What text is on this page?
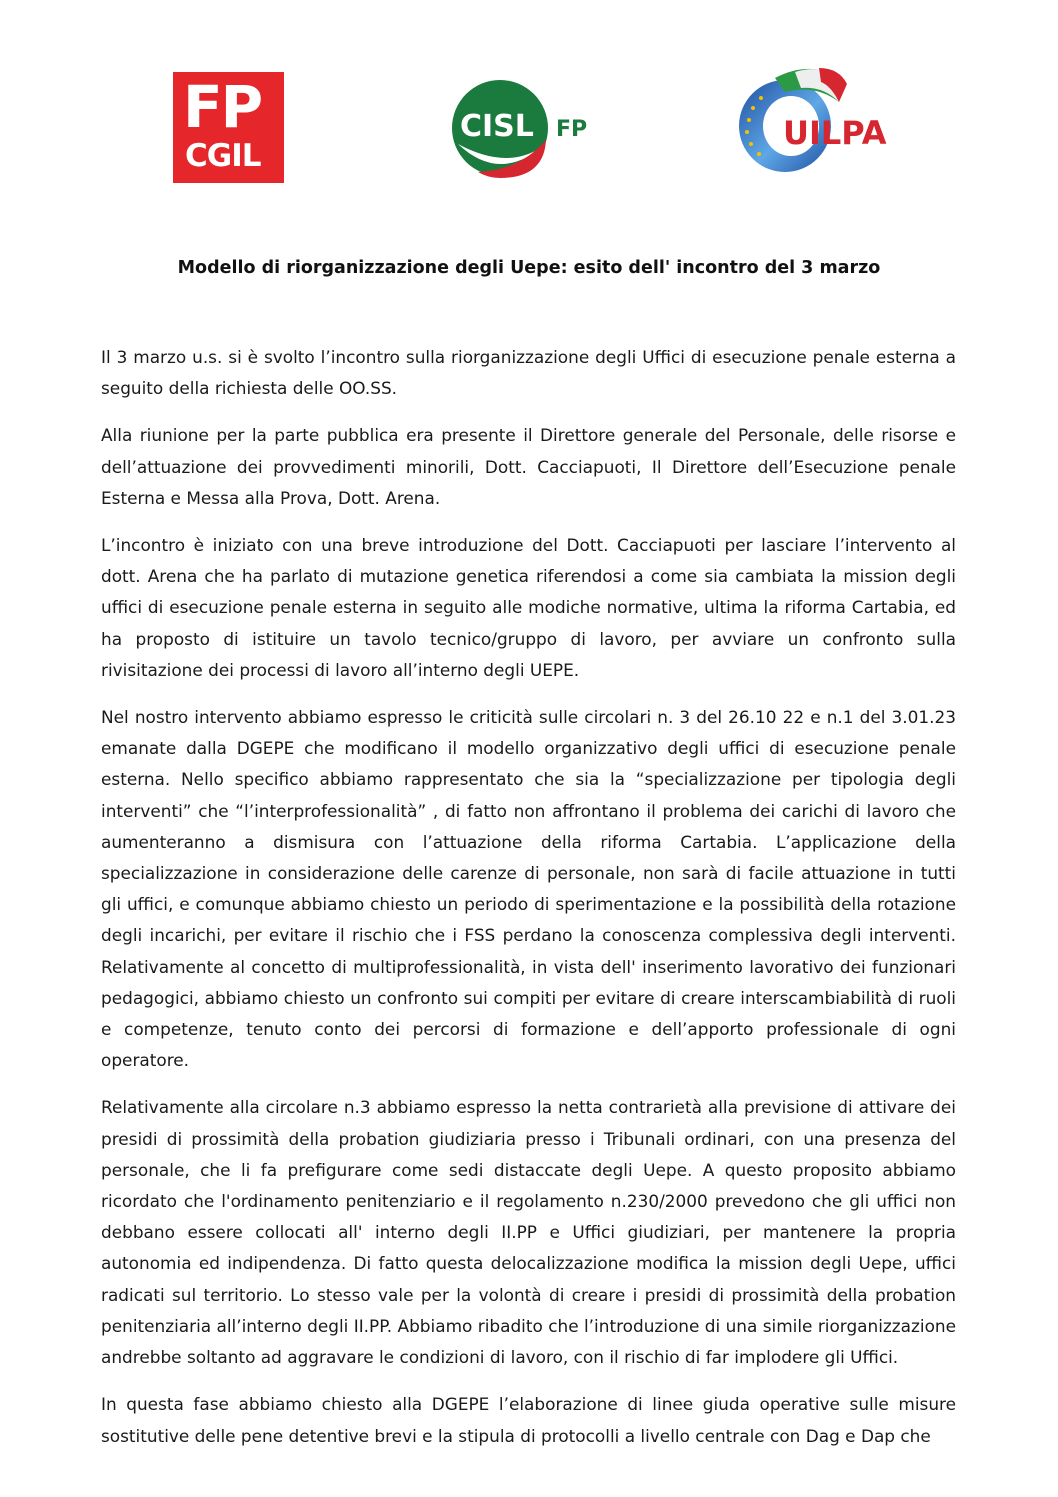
FP
CGIL
CISL FP	UILPA
Modello di riorganizzazione degli Uepe: esito dell' incontro del 3 marzo

Il 3 marzo u.s. si è svolto l’incontro sulla riorganizzazione degli Uffici di esecuzione penale esterna a seguito della richiesta delle OO.SS.

Alla riunione per la parte pubblica era presente il Direttore generale del Personale, delle risorse e dell’attuazione dei provvedimenti minorili, Dott. Cacciapuoti, Il Direttore dell’Esecuzione penale Esterna e Messa alla Prova, Dott. Arena.

L’incontro è iniziato con una breve introduzione del Dott. Cacciapuoti per lasciare l’intervento al dott. Arena che ha parlato di mutazione genetica riferendosi a come sia cambiata la mission degli uffici di esecuzione penale esterna in seguito alle modiche normative, ultima la riforma Cartabia, ed ha proposto di istituire un tavolo tecnico/gruppo di lavoro, per avviare un confronto sulla rivisitazione dei processi di lavoro all’interno degli UEPE.

Nel nostro intervento abbiamo espresso le criticità sulle circolari n. 3 del 26.10 22 e n.1 del 3.01.23 emanate dalla DGEPE che modificano il modello organizzativo degli uffici di esecuzione penale esterna. Nello specifico abbiamo rappresentato che sia la “specializzazione per tipologia degli interventi” che “l’interprofessionalità” , di fatto non affrontano il problema dei carichi di lavoro che aumenteranno a dismisura con l’attuazione della riforma Cartabia. L’applicazione della specializzazione in considerazione delle carenze di personale, non sarà di facile attuazione in tutti gli uffici, e comunque abbiamo chiesto un periodo di sperimentazione e la possibilità della rotazione degli incarichi, per evitare il rischio che i FSS perdano la conoscenza complessiva degli interventi. Relativamente al concetto di multiprofessionalità, in vista dell' inserimento lavorativo dei funzionari pedagogici, abbiamo chiesto un confronto sui compiti per evitare di creare interscambiabilità di ruoli e competenze, tenuto conto dei percorsi di formazione e dell’apporto professionale di ogni operatore.

Relativamente alla circolare n.3 abbiamo espresso la netta contrarietà alla previsione di attivare dei presidi di prossimità della probation giudiziaria presso i Tribunali ordinari, con una presenza del personale, che li fa prefigurare come sedi distaccate degli Uepe. A questo proposito abbiamo ricordato che l'ordinamento penitenziario e il regolamento n.230/2000 prevedono che gli uffici non debbano essere collocati all' interno degli II.PP e Uffici giudiziari, per mantenere la propria autonomia ed indipendenza. Di fatto questa delocalizzazione modifica la mission degli Uepe, uffici radicati sul territorio. Lo stesso vale per la volontà di creare i presidi di prossimità della probation penitenziaria all’interno degli II.PP. Abbiamo ribadito che l’introduzione di una simile riorganizzazione andrebbe soltanto ad aggravare le condizioni di lavoro, con il rischio di far implodere gli Uffici.

In questa fase abbiamo chiesto alla DGEPE l’elaborazione di linee giuda operative sulle misure sostitutive delle pene detentive brevi e la stipula di protocolli a livello centrale con Dag e Dap che
